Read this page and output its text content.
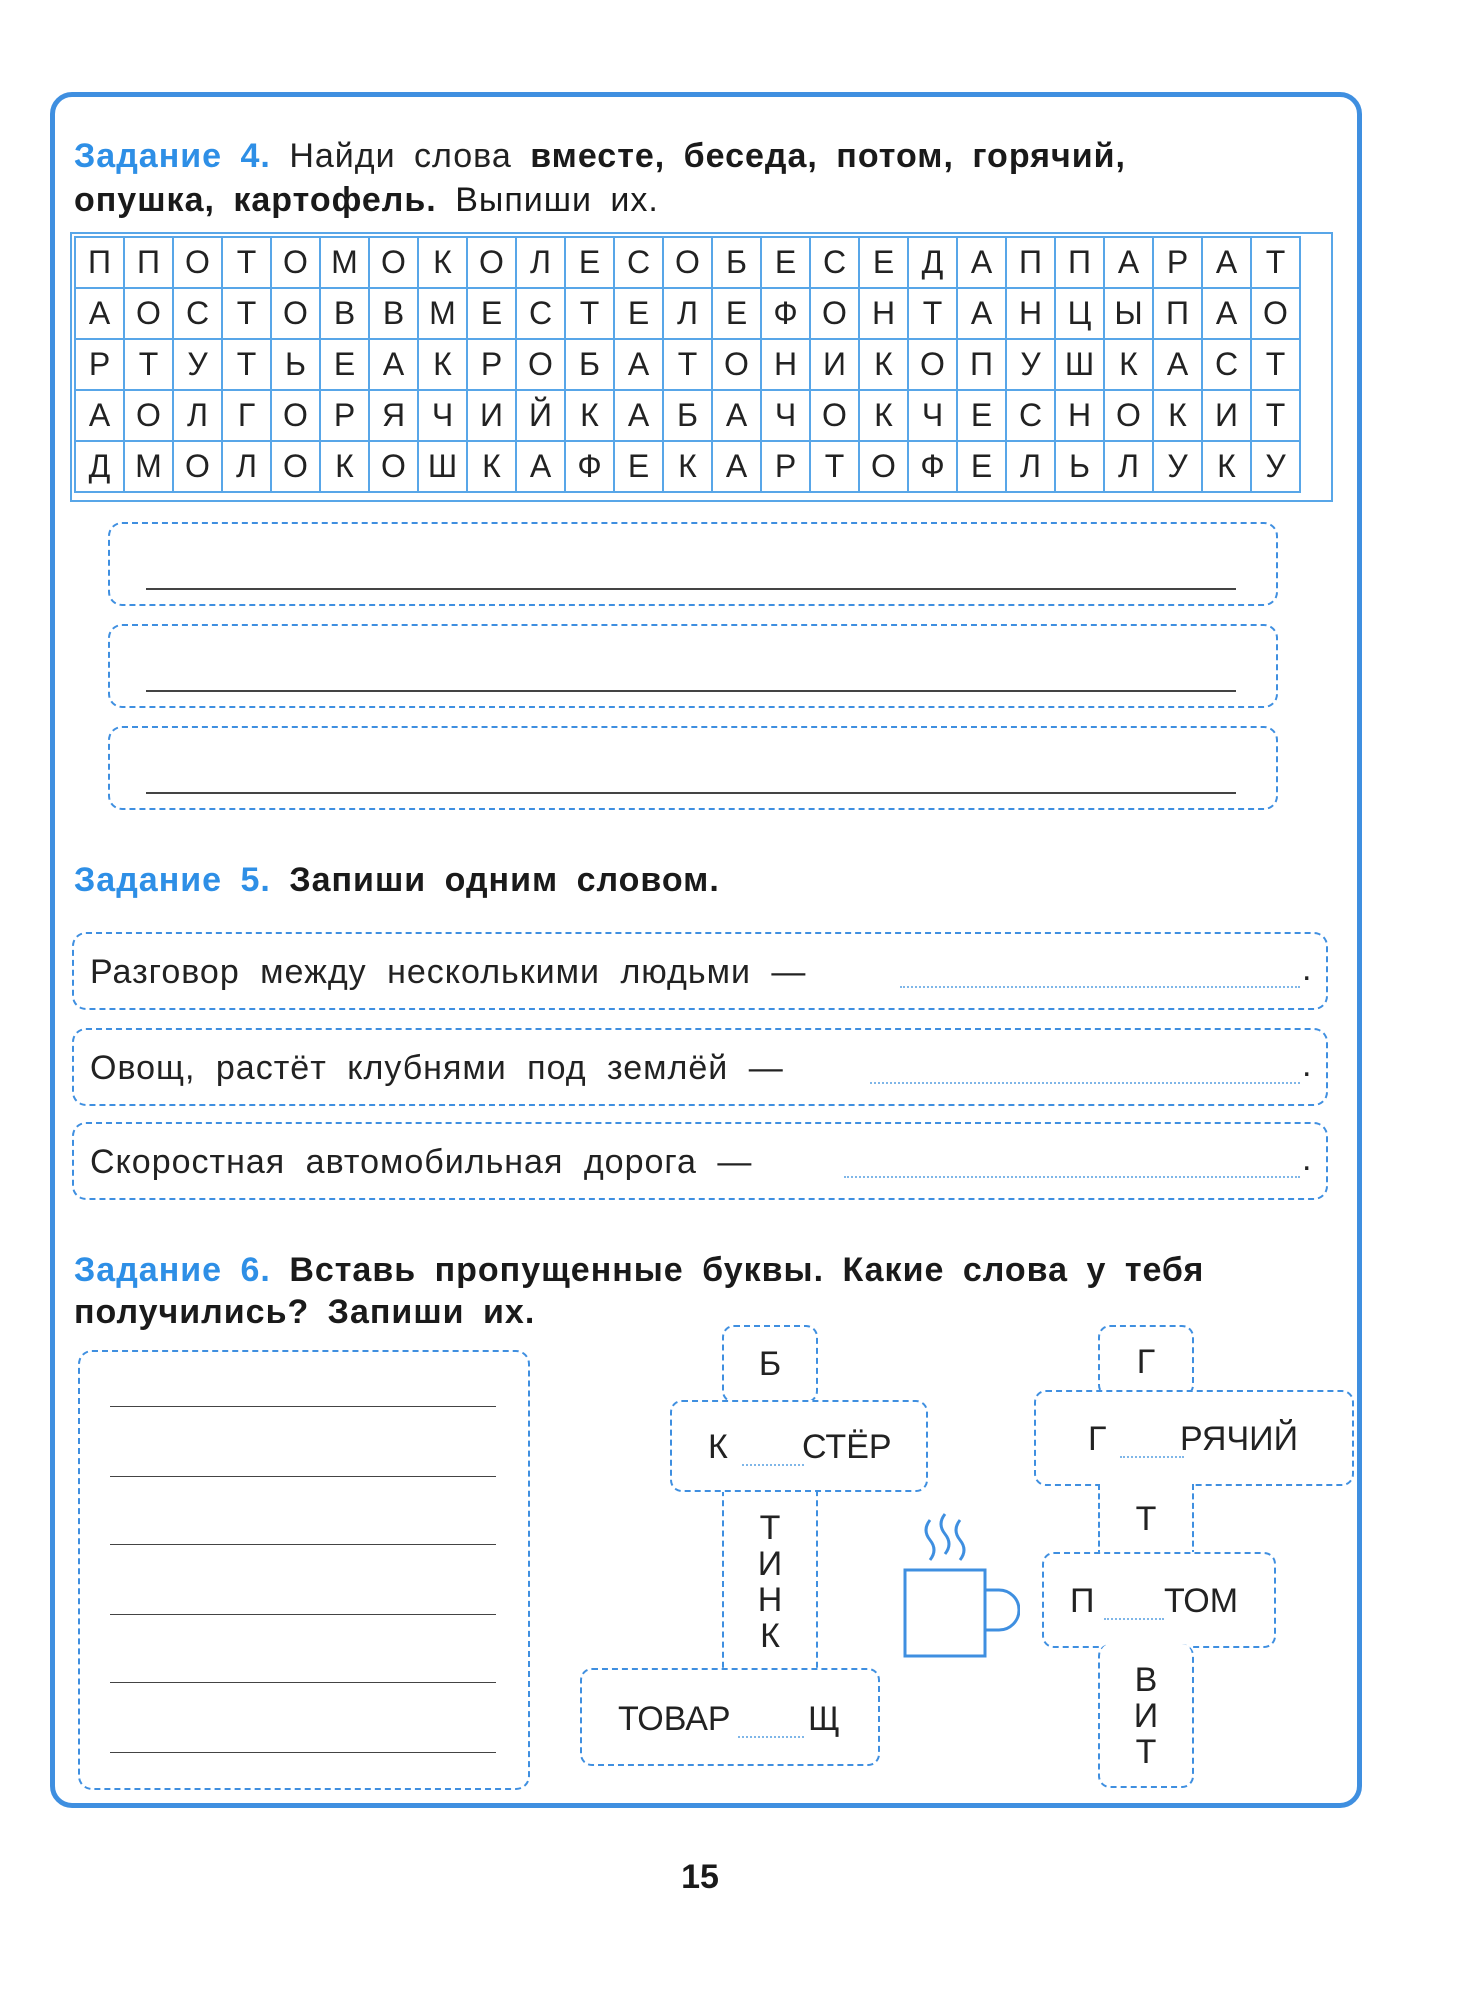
Задание 4. Найди слова вместе, беседа, потом, горячий,
опушка, картофель. Выпиши их.
П	П	О	Т	О	М	О	К	О	Л	Е	С	О	Б	Е	С	Е	Д	А	П	П	А	Р	А	Т
А	О	С	Т	О	В	В	М	Е	С	Т	Е	Л	Е	Ф	О	Н	Т	А	Н	Ц	Ы	П	А	О
Р	Т	У	Т	Ь	Е	А	К	Р	О	Б	А	Т	О	Н	И	К	О	П	У	Ш	К	А	С	Т
А	О	Л	Г	О	Р	Я	Ч	И	Й	К	А	Б	А	Ч	О	К	Ч	Е	С	Н	О	К	И	Т
Д	М	О	Л	О	К	О	Ш	К	А	Ф	Е	К	А	Р	Т	О	Ф	Е	Л	Ь	Л	У	К	У
Задание 5. Запиши одним словом.
Разговор между несколькими людьми —	.
Овощ, растёт клубнями под землёй —	.
Скоростная автомобильная дорога —	.
Задание 6. Вставь пропущенные буквы. Какие слова у тебя
получились? Запиши их.
Б
Т
И
Н
К
К СТЁР
ТОВАР Щ
Г
Г РЯЧИЙ
Т
П ТОМ
В
И
Т
15
